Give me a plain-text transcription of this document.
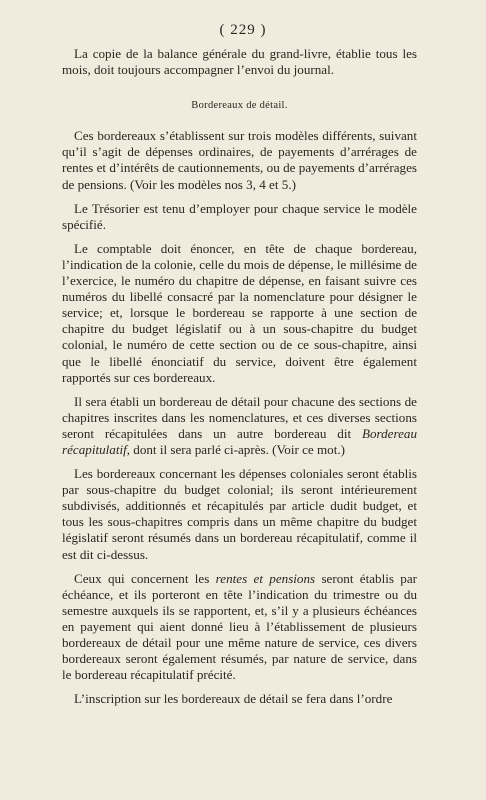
( 229 )

La copie de la balance générale du grand-livre, établie tous les mois, doit toujours accompagner l’envoi du journal.

Bordereaux de détail.

Ces bordereaux s’établissent sur trois modèles différents, suivant qu’il s’agit de dépenses ordinaires, de payements d’arrérages de rentes et d’intérêts de cautionnements, ou de payements d’arrérages de pensions. (Voir les modèles nos 3, 4 et 5.)

Le Trésorier est tenu d’employer pour chaque service le modèle spécifié.

Le comptable doit énoncer, en tête de chaque bordereau, l’indication de la colonie, celle du mois de dépense, le millésime de l’exercice, le numéro du chapitre de dépense, en faisant suivre ces numéros du libellé consacré par la nomenclature pour désigner le service; et, lorsque le bordereau se rapporte à une section de chapitre du budget législatif ou à un sous-chapitre du budget colonial, le numéro de cette section ou de ce sous-chapitre, ainsi que le libellé énonciatif du service, doivent être également rapportés sur ces bordereaux.

Il sera établi un bordereau de détail pour chacune des sections de chapitres inscrites dans les nomenclatures, et ces diverses sections seront récapitulées dans un autre bordereau dit Bordereau récapitulatif, dont il sera parlé ci-après. (Voir ce mot.)

Les bordereaux concernant les dépenses coloniales seront établis par sous-chapitre du budget colonial; ils seront intérieurement subdivisés, additionnés et récapitulés par article dudit budget, et tous les sous-chapitres compris dans un même chapitre du budget législatif seront résumés dans un bordereau récapitulatif, comme il est dit ci-dessus.

Ceux qui concernent les rentes et pensions seront établis par échéance, et ils porteront en tête l’indication du trimestre ou du semestre auxquels ils se rapportent, et, s’il y a plusieurs échéances en payement qui aient donné lieu à l’établissement de plusieurs bordereaux de détail pour une même nature de service, ces divers bordereaux seront également résumés, par nature de service, dans le bordereau récapitulatif précité.

L’inscription sur les bordereaux de détail se fera dans l’ordre
